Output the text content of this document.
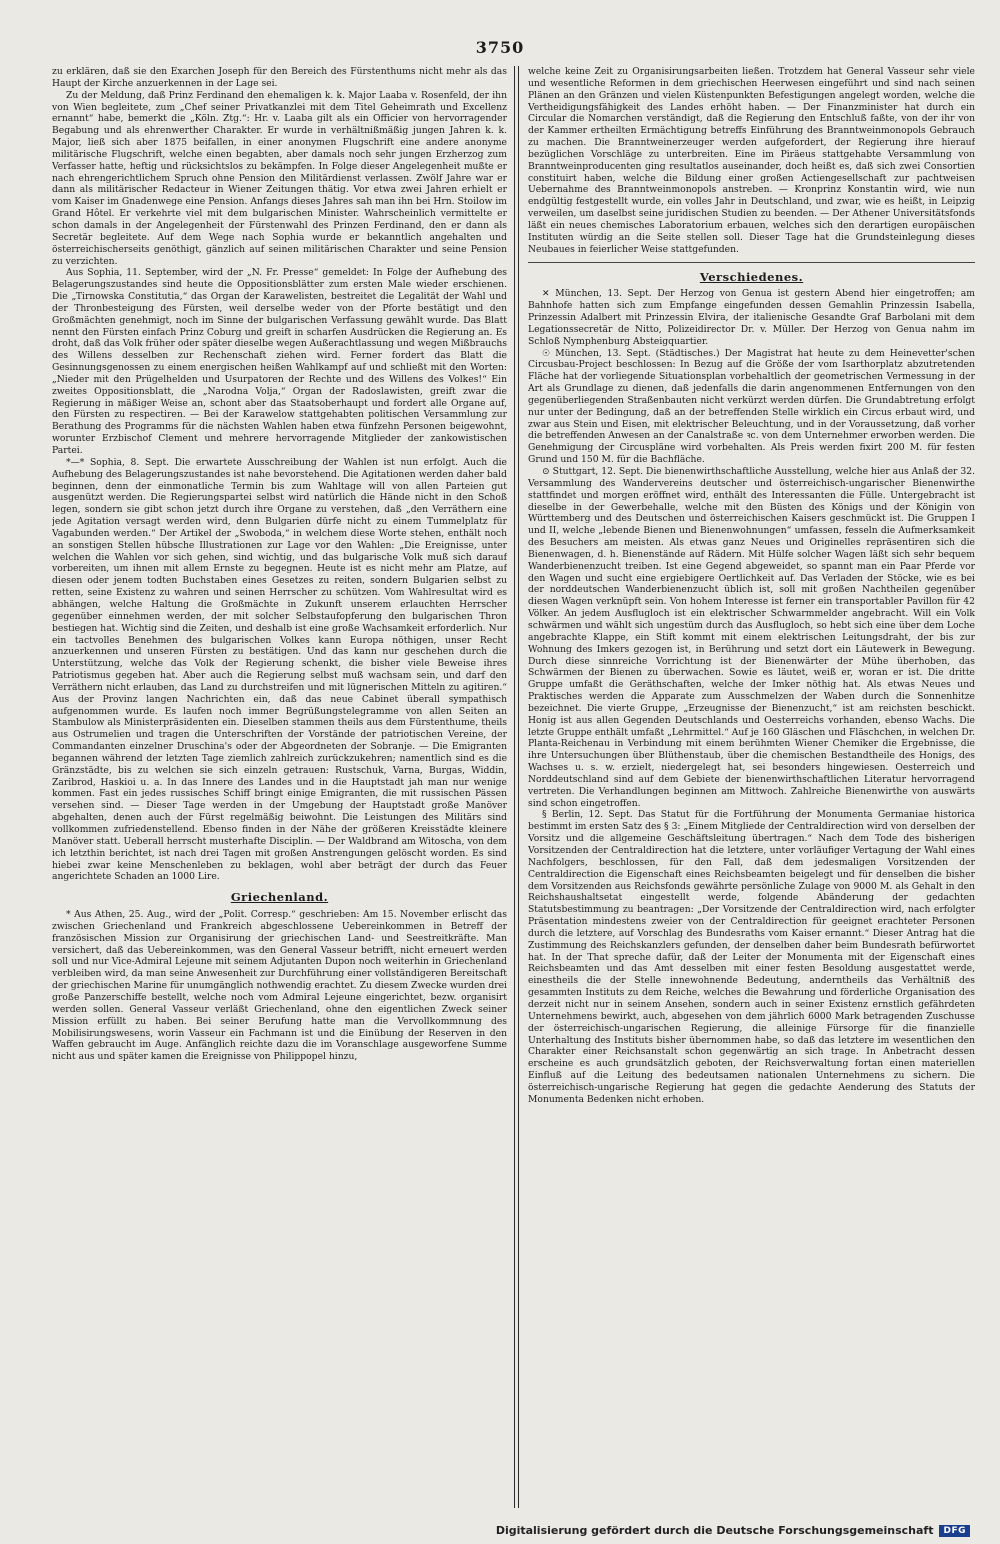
3750

zu erklären, daß sie den Exarchen Joseph für den Bereich des Fürstenthums nicht mehr als das Haupt der Kirche anzuerkennen in der Lage sei.

Zu der Meldung, daß Prinz Ferdinand den ehemaligen k. k. Major Laaba v. Rosenfeld, der ihn von Wien begleitete, zum „Chef seiner Privatkanzlei mit dem Titel Geheimrath und Excellenz ernannt“ habe, bemerkt die „Köln. Ztg.“: Hr. v. Laaba gilt als ein Officier von hervorragender Begabung und als ehrenwerther Charakter. Er wurde in verhältnißmäßig jungen Jahren k. k. Major, ließ sich aber 1875 beifallen, in einer anonymen Flugschrift eine andere anonyme militärische Flugschrift, welche einen begabten, aber damals noch sehr jungen Erzherzog zum Verfasser hatte, heftig und rücksichtslos zu bekämpfen. In Folge dieser Angelegenheit mußte er nach ehrengerichtlichem Spruch ohne Pension den Militärdienst verlassen. Zwölf Jahre war er dann als militärischer Redacteur in Wiener Zeitungen thätig. Vor etwa zwei Jahren erhielt er vom Kaiser im Gnadenwege eine Pension. Anfangs dieses Jahres sah man ihn bei Hrn. Stoilow im Grand Hôtel. Er verkehrte viel mit dem bulgarischen Minister. Wahrscheinlich vermittelte er schon damals in der Angelegenheit der Fürstenwahl des Prinzen Ferdinand, den er dann als Secretär begleitete. Auf dem Wege nach Sophia wurde er bekanntlich angehalten und österreichischerseits genöthigt, gänzlich auf seinen militärischen Charakter und seine Pension zu verzichten.

Aus Sophia, 11. September, wird der „N. Fr. Presse“ gemeldet: In Folge der Aufhebung des Belagerungszustandes sind heute die Oppositionsblätter zum ersten Male wieder erschienen. Die „Tirnowska Constitutia,“ das Organ der Karawelisten, bestreitet die Legalität der Wahl und der Thronbesteigung des Fürsten, weil derselbe weder von der Pforte bestätigt und den Großmächten genehmigt, noch im Sinne der bulgarischen Verfassung gewählt wurde. Das Blatt nennt den Fürsten einfach Prinz Coburg und greift in scharfen Ausdrücken die Regierung an. Es droht, daß das Volk früher oder später dieselbe wegen Außerachtlassung und wegen Mißbrauchs des Willens desselben zur Rechenschaft ziehen wird. Ferner fordert das Blatt die Gesinnungsgenossen zu einem energischen heißen Wahlkampf auf und schließt mit den Worten: „Nieder mit den Prügelhelden und Usurpatoren der Rechte und des Willens des Volkes!“ Ein zweites Oppositionsblatt, die „Narodna Volja,“ Organ der Radoslawisten, greift zwar die Regierung in mäßiger Weise an, schont aber das Staatsoberhaupt und fordert alle Organe auf, den Fürsten zu respectiren. — Bei der Karawelow stattgehabten politischen Versammlung zur Berathung des Programms für die nächsten Wahlen haben etwa fünfzehn Personen beigewohnt, worunter Erzbischof Clement und mehrere hervorragende Mitglieder der zankowistischen Partei.

*—* Sophia, 8. Sept. Die erwartete Ausschreibung der Wahlen ist nun erfolgt. Auch die Aufhebung des Belagerungszustandes ist nahe bevorstehend. Die Agitationen werden daher bald beginnen, denn der einmonatliche Termin bis zum Wahltage will von allen Parteien gut ausgenützt werden. Die Regierungspartei selbst wird natürlich die Hände nicht in den Schoß legen, sondern sie gibt schon jetzt durch ihre Organe zu verstehen, daß „den Verräthern eine jede Agitation versagt werden wird, denn Bulgarien dürfe nicht zu einem Tummelplatz für Vagabunden werden.“ Der Artikel der „Swoboda,“ in welchem diese Worte stehen, enthält noch an sonstigen Stellen hübsche Illustrationen zur Lage vor den Wahlen: „Die Ereignisse, unter welchen die Wahlen vor sich gehen, sind wichtig, und das bulgarische Volk muß sich darauf vorbereiten, um ihnen mit allem Ernste zu begegnen. Heute ist es nicht mehr am Platze, auf diesen oder jenem todten Buchstaben eines Gesetzes zu reiten, sondern Bulgarien selbst zu retten, seine Existenz zu wahren und seinen Herrscher zu schützen. Vom Wahlresultat wird es abhängen, welche Haltung die Großmächte in Zukunft unserem erlauchten Herrscher gegenüber einnehmen werden, der mit solcher Selbstaufopferung den bulgarischen Thron bestiegen hat. Wichtig sind die Zeiten, und deshalb ist eine große Wachsamkeit erforderlich. Nur ein tactvolles Benehmen des bulgarischen Volkes kann Europa nöthigen, unser Recht anzuerkennen und unseren Fürsten zu bestätigen. Und das kann nur geschehen durch die Unterstützung, welche das Volk der Regierung schenkt, die bisher viele Beweise ihres Patriotismus gegeben hat. Aber auch die Regierung selbst muß wachsam sein, und darf den Verräthern nicht erlauben, das Land zu durchstreifen und mit lügnerischen Mitteln zu agitiren.“ Aus der Provinz langen Nachrichten ein, daß das neue Cabinet überall sympathisch aufgenommen wurde. Es laufen noch immer Begrüßungstelegramme von allen Seiten an Stambulow als Ministerpräsidenten ein. Dieselben stammen theils aus dem Fürstenthume, theils aus Ostrumelien und tragen die Unterschriften der Vorstände der patriotischen Vereine, der Commandanten einzelner Druschina's oder der Abgeordneten der Sobranje. — Die Emigranten begannen während der letzten Tage ziemlich zahlreich zurückzukehren; namentlich sind es die Gränzstädte, bis zu welchen sie sich einzeln getrauen: Rustschuk, Varna, Burgas, Widdin, Zaribrod, Haskioi u. a. In das Innere des Landes und in die Hauptstadt jah man nur wenige kommen. Fast ein jedes russisches Schiff bringt einige Emigranten, die mit russischen Pässen versehen sind. — Dieser Tage werden in der Umgebung der Hauptstadt große Manöver abgehalten, denen auch der Fürst regelmäßig beiwohnt. Die Leistungen des Militärs sind vollkommen zufriedenstellend. Ebenso finden in der Nähe der größeren Kreisstädte kleinere Manöver statt. Ueberall herrscht musterhafte Disciplin. — Der Waldbrand am Witoscha, von dem ich letzthin berichtet, ist nach drei Tagen mit großen Anstrengungen gelöscht worden. Es sind hiebei zwar keine Menschenleben zu beklagen, wohl aber beträgt der durch das Feuer angerichtete Schaden an 1000 Lire.

Griechenland.

* Aus Athen, 25. Aug., wird der „Polit. Corresp.“ geschrieben: Am 15. November erlischt das zwischen Griechenland und Frankreich abgeschlossene Uebereinkommen in Betreff der französischen Mission zur Organisirung der griechischen Land- und Seestreitkräfte. Man versichert, daß das Uebereinkommen, was den General Vasseur betrifft, nicht erneuert werden soll und nur Vice-Admiral Lejeune mit seinem Adjutanten Dupon noch weiterhin in Griechenland verbleiben wird, da man seine Anwesenheit zur Durchführung einer vollständigeren Bereitschaft der griechischen Marine für unumgänglich nothwendig erachtet. Zu diesem Zwecke wurden drei große Panzerschiffe bestellt, welche noch vom Admiral Lejeune eingerichtet, bezw. organisirt werden sollen. General Vasseur verläßt Griechenland, ohne den eigentlichen Zweck seiner Mission erfüllt zu haben. Bei seiner Berufung hatte man die Vervollkommnung des Mobilisirungswesens, worin Vasseur ein Fachmann ist und die Einübung der Reserven in den Waffen gebraucht im Auge. Anfänglich reichte dazu die im Voranschlage ausgeworfene Summe nicht aus und später kamen die Ereignisse von Philippopel hinzu,

welche keine Zeit zu Organisirungsarbeiten ließen. Trotzdem hat General Vasseur sehr viele und wesentliche Reformen in dem griechischen Heerwesen eingeführt und sind nach seinen Plänen an den Gränzen und vielen Küstenpunkten Befestigungen angelegt worden, welche die Vertheidigungsfähigkeit des Landes erhöht haben. — Der Finanzminister hat durch ein Circular die Nomarchen verständigt, daß die Regierung den Entschluß faßte, von der ihr von der Kammer ertheilten Ermächtigung betreffs Einführung des Branntweinmonopols Gebrauch zu machen. Die Branntweinerzeuger werden aufgefordert, der Regierung ihre hierauf bezüglichen Vorschläge zu unterbreiten. Eine im Piräeus stattgehabte Versammlung von Branntweinproducenten ging resultatlos auseinander, doch heißt es, daß sich zwei Consortien constituirt haben, welche die Bildung einer großen Actiengesellschaft zur pachtweisen Uebernahme des Branntweinmonopols anstreben. — Kronprinz Konstantin wird, wie nun endgültig festgestellt wurde, ein volles Jahr in Deutschland, und zwar, wie es heißt, in Leipzig verweilen, um daselbst seine juridischen Studien zu beenden. — Der Athener Universitätsfonds läßt ein neues chemisches Laboratorium erbauen, welches sich den derartigen europäischen Instituten würdig an die Seite stellen soll. Dieser Tage hat die Grundsteinlegung dieses Neubaues in feierlicher Weise stattgefunden.

Verschiedenes.

✕ München, 13. Sept. Der Herzog von Genua ist gestern Abend hier eingetroffen; am Bahnhofe hatten sich zum Empfange eingefunden dessen Gemahlin Prinzessin Isabella, Prinzessin Adalbert mit Prinzessin Elvira, der italienische Gesandte Graf Barbolani mit dem Legationssecretär de Nitto, Polizeidirector Dr. v. Müller. Der Herzog von Genua nahm im Schloß Nymphenburg Absteigquartier.

☉ München, 13. Sept. (Städtisches.) Der Magistrat hat heute zu dem Heinevetter'schen Circusbau-Project beschlossen: In Bezug auf die Größe der vom Isarthorplatz abzutretenden Fläche hat der vorliegende Situationsplan vorbehaltlich der geometrischen Vermessung in der Art als Grundlage zu dienen, daß jedenfalls die darin angenommenen Entfernungen von den gegenüberliegenden Straßenbauten nicht verkürzt werden dürfen. Die Grundabtretung erfolgt nur unter der Bedingung, daß an der betreffenden Stelle wirklich ein Circus erbaut wird, und zwar aus Stein und Eisen, mit elektrischer Beleuchtung, und in der Voraussetzung, daß vorher die betreffenden Anwesen an der Canalstraße ꝛc. von dem Unternehmer erworben werden. Die Genehmigung der Circuspläne wird vorbehalten. Als Preis werden fixirt 200 M. für festen Grund und 150 M. für die Bachfläche.

⊙ Stuttgart, 12. Sept. Die bienenwirthschaftliche Ausstellung, welche hier aus Anlaß der 32. Versammlung des Wandervereins deutscher und österreichisch-ungarischer Bienenwirthe stattfindet und morgen eröffnet wird, enthält des Interessanten die Fülle. Untergebracht ist dieselbe in der Gewerbehalle, welche mit den Büsten des Königs und der Königin von Württemberg und des Deutschen und österreichischen Kaisers geschmückt ist. Die Gruppen I und II, welche „lebende Bienen und Bienenwohnungen“ umfassen, fesseln die Aufmerksamkeit des Besuchers am meisten. Als etwas ganz Neues und Originelles repräsentiren sich die Bienenwagen, d. h. Bienenstände auf Rädern. Mit Hülfe solcher Wagen läßt sich sehr bequem Wanderbienenzucht treiben. Ist eine Gegend abgeweidet, so spannt man ein Paar Pferde vor den Wagen und sucht eine ergiebigere Oertlichkeit auf. Das Verladen der Stöcke, wie es bei der norddeutschen Wanderbienenzucht üblich ist, soll mit großen Nachtheilen gegenüber diesen Wagen verknüpft sein. Von hohem Interesse ist ferner ein transportabler Pavillon für 42 Völker. An jedem Ausflugloch ist ein elektrischer Schwarmmelder angebracht. Will ein Volk schwärmen und wählt sich ungestüm durch das Ausflugloch, so hebt sich eine über dem Loche angebrachte Klappe, ein Stift kommt mit einem elektrischen Leitungsdraht, der bis zur Wohnung des Imkers gezogen ist, in Berührung und setzt dort ein Läutewerk in Bewegung. Durch diese sinnreiche Vorrichtung ist der Bienenwärter der Mühe überhoben, das Schwärmen der Bienen zu überwachen. Sowie es läutet, weiß er, woran er ist. Die dritte Gruppe umfaßt die Geräthschaften, welche der Imker nöthig hat. Als etwas Neues und Praktisches werden die Apparate zum Ausschmelzen der Waben durch die Sonnenhitze bezeichnet. Die vierte Gruppe, „Erzeugnisse der Bienenzucht,“ ist am reichsten beschickt. Honig ist aus allen Gegenden Deutschlands und Oesterreichs vorhanden, ebenso Wachs. Die letzte Gruppe enthält umfaßt „Lehrmittel.“ Auf je 160 Gläschen und Fläschchen, in welchen Dr. Planta-Reichenau in Verbindung mit einem berühmten Wiener Chemiker die Ergebnisse, die ihre Untersuchungen über Blüthenstaub, über die chemischen Bestandtheile des Honigs, des Wachses u. s. w. erzielt, niedergelegt hat, sei besonders hingewiesen. Oesterreich und Norddeutschland sind auf dem Gebiete der bienenwirthschaftlichen Literatur hervorragend vertreten. Die Verhandlungen beginnen am Mittwoch. Zahlreiche Bienenwirthe von auswärts sind schon eingetroffen.

§ Berlin, 12. Sept. Das Statut für die Fortführung der Monumenta Germaniae historica bestimmt im ersten Satz des § 3: „Einem Mitgliede der Centraldirection wird von derselben der Vorsitz und die allgemeine Geschäftsleitung übertragen.“ Nach dem Tode des bisherigen Vorsitzenden der Centraldirection hat die letztere, unter vorläufiger Vertagung der Wahl eines Nachfolgers, beschlossen, für den Fall, daß dem jedesmaligen Vorsitzenden der Centraldirection die Eigenschaft eines Reichsbeamten beigelegt und für denselben die bisher dem Vorsitzenden aus Reichsfonds gewährte persönliche Zulage von 9000 M. als Gehalt in den Reichshaushaltsetat eingestellt werde, folgende Abänderung der gedachten Statutsbestimmung zu beantragen: „Der Vorsitzende der Centraldirection wird, nach erfolgter Präsentation mindestens zweier von der Centraldirection für geeignet erachteter Personen durch die letztere, auf Vorschlag des Bundesraths vom Kaiser ernannt.“ Dieser Antrag hat die Zustimmung des Reichskanzlers gefunden, der denselben daher beim Bundesrath befürwortet hat. In der That spreche dafür, daß der Leiter der Monumenta mit der Eigenschaft eines Reichsbeamten und das Amt desselben mit einer festen Besoldung ausgestattet werde, einestheils die der Stelle innewohnende Bedeutung, anderntheils das Verhältniß des gesammten Instituts zu dem Reiche, welches die Bewahrung und förderliche Organisation des derzeit nicht nur in seinem Ansehen, sondern auch in seiner Existenz ernstlich gefährdeten Unternehmens bewirkt, auch, abgesehen von dem jährlich 6000 Mark betragenden Zuschusse der österreichisch-ungarischen Regierung, die alleinige Fürsorge für die finanzielle Unterhaltung des Instituts bisher übernommen habe, so daß das letztere im wesentlichen den Charakter einer Reichsanstalt schon gegenwärtig an sich trage. In Anbetracht dessen erscheine es auch grundsätzlich geboten, der Reichsverwaltung fortan einen materiellen Einfluß auf die Leitung des bedeutsamen nationalen Unternehmens zu sichern. Die österreichisch-ungarische Regierung hat gegen die gedachte Aenderung des Statuts der Monumenta Bedenken nicht erhoben.

Digitalisierung gefördert durch die Deutsche Forschungsgemeinschaft	DFG
